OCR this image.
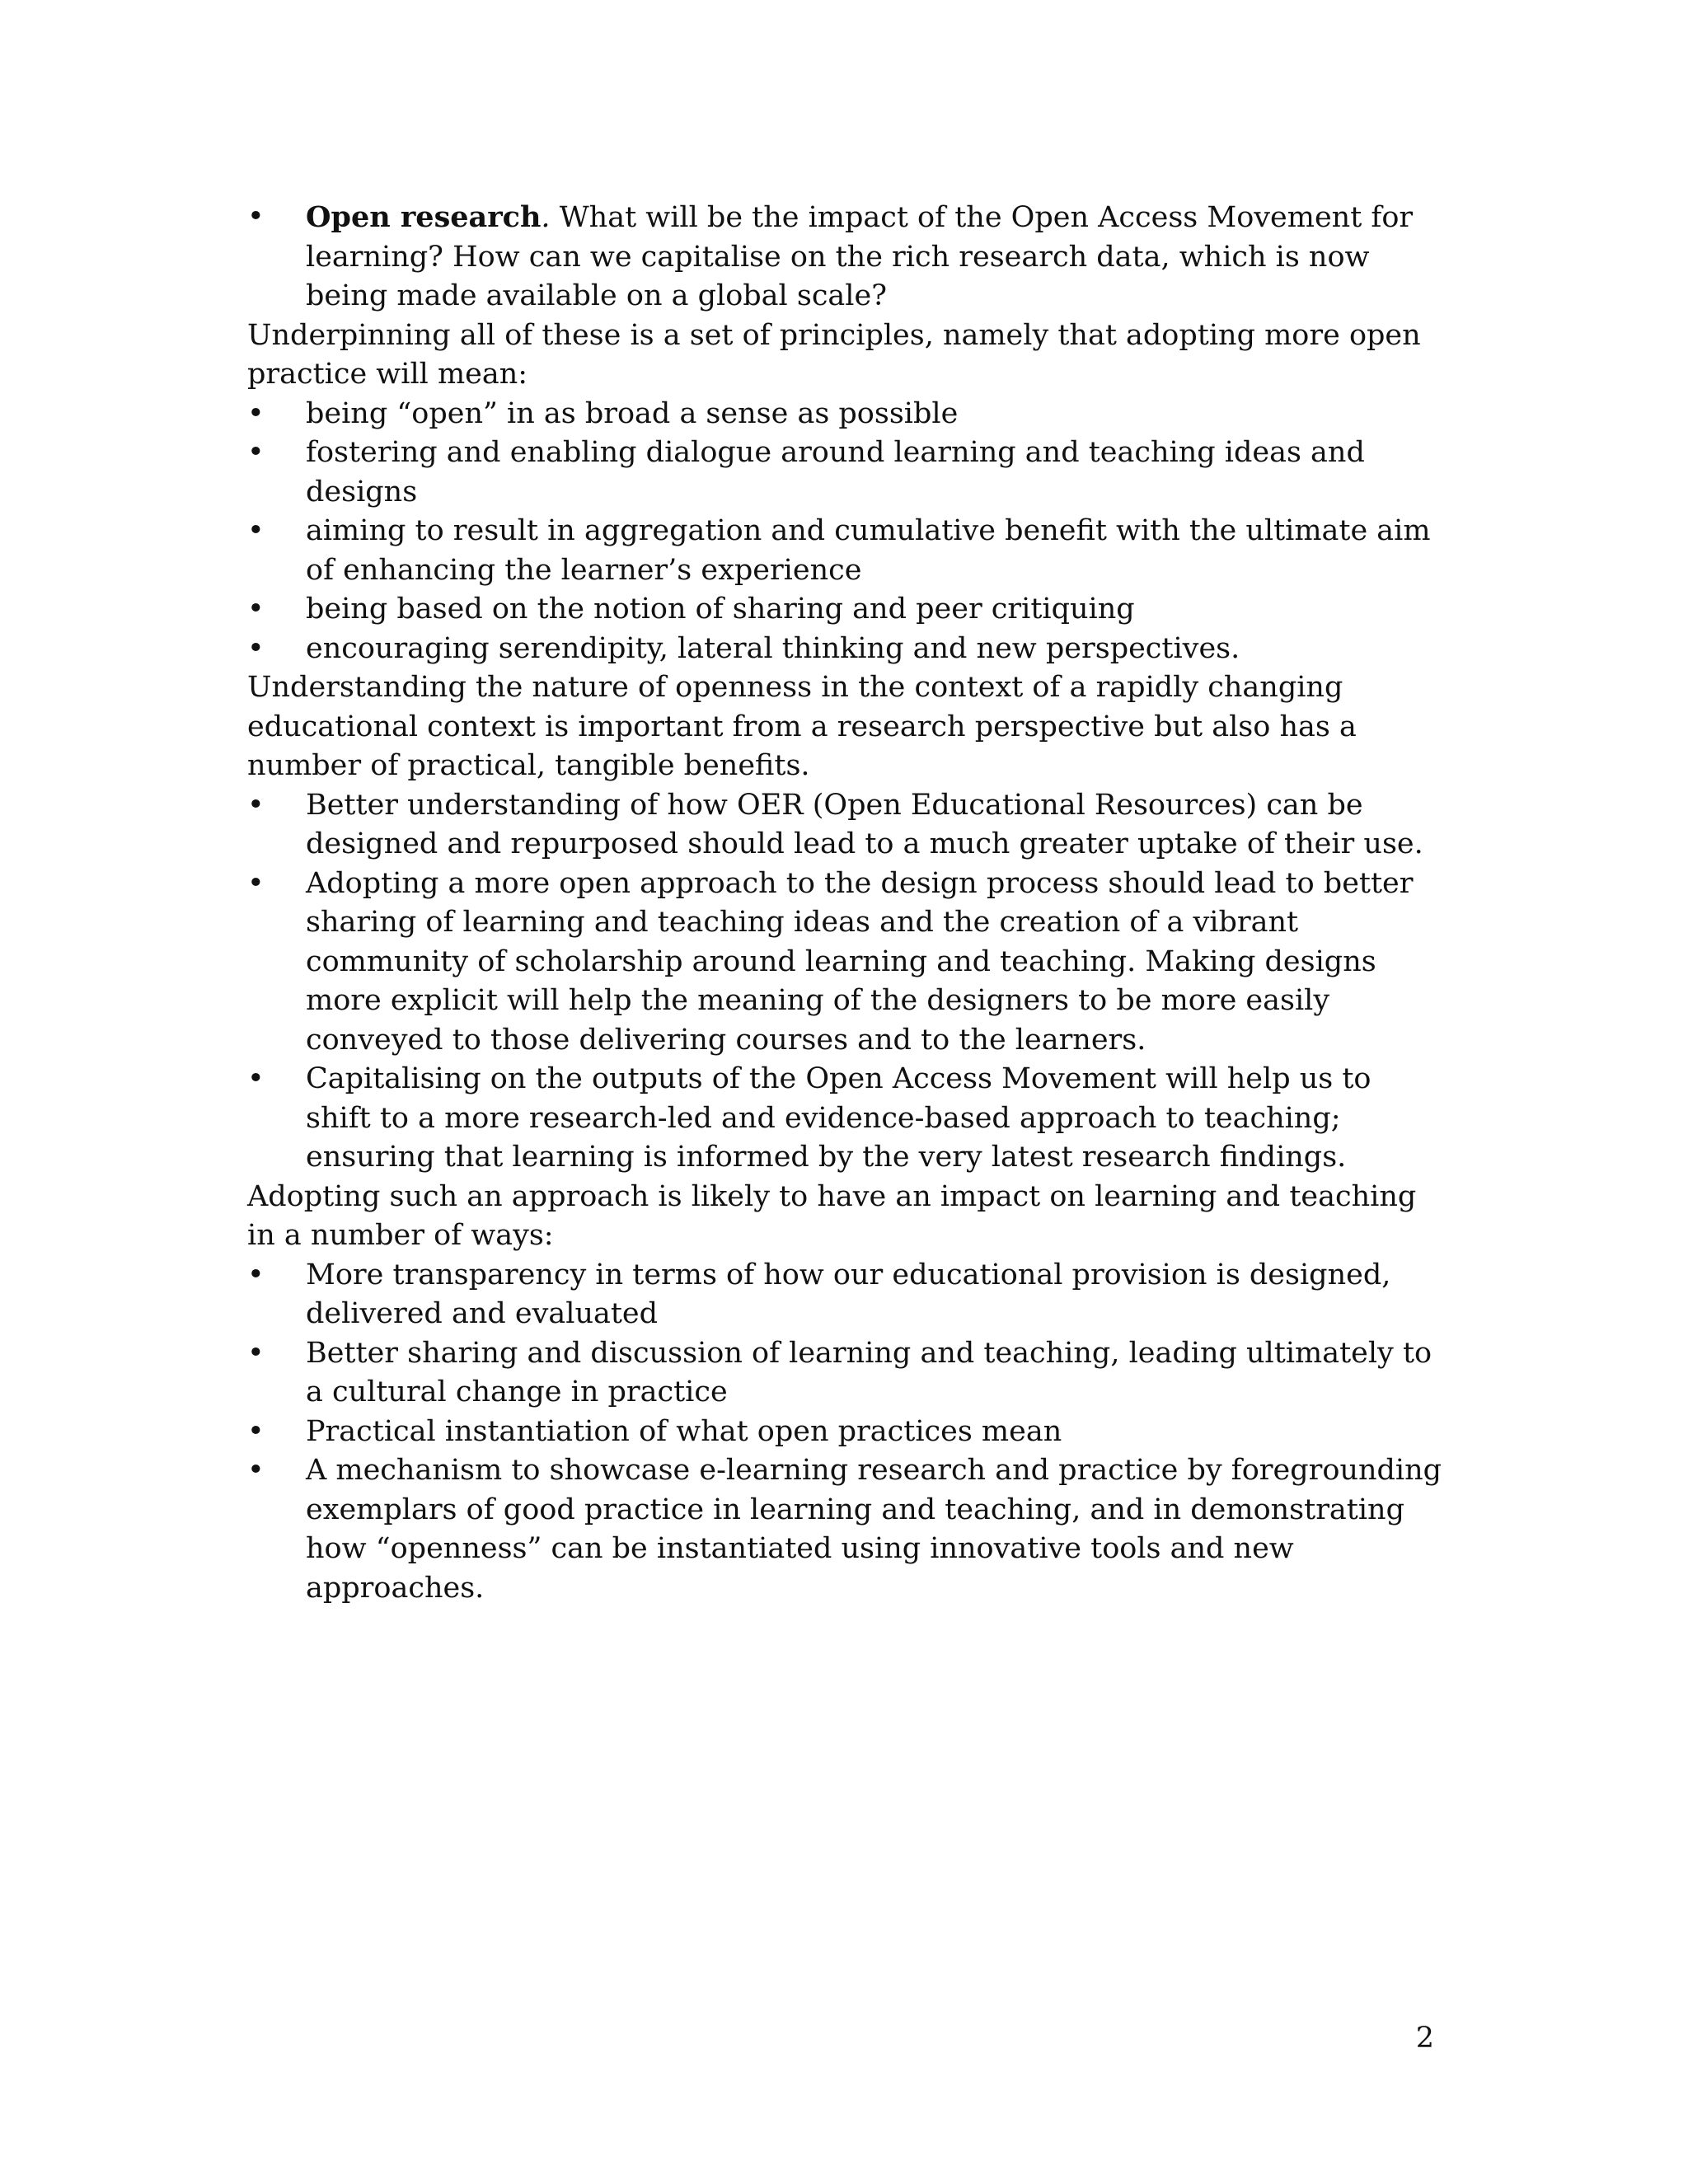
• Open research. What will be the impact of the Open Access Movement for learning? How can we capitalise on the rich research data, which is now being made available on a global scale?

Underpinning all of these is a set of principles, namely that adopting more open practice will mean:

• being “open” in as broad a sense as possible
• fostering and enabling dialogue around learning and teaching ideas and designs
• aiming to result in aggregation and cumulative benefit with the ultimate aim of enhancing the learner’s experience
• being based on the notion of sharing and peer critiquing
• encouraging serendipity, lateral thinking and new perspectives.

Understanding the nature of openness in the context of a rapidly changing educational context is important from a research perspective but also has a number of practical, tangible benefits.

• Better understanding of how OER (Open Educational Resources) can be designed and repurposed should lead to a much greater uptake of their use.
• Adopting a more open approach to the design process should lead to better sharing of learning and teaching ideas and the creation of a vibrant community of scholarship around learning and teaching. Making designs more explicit will help the meaning of the designers to be more easily conveyed to those delivering courses and to the learners.
• Capitalising on the outputs of the Open Access Movement will help us to shift to a more research-led and evidence-based approach to teaching; ensuring that learning is informed by the very latest research findings.

Adopting such an approach is likely to have an impact on learning and teaching in a number of ways:

• More transparency in terms of how our educational provision is designed, delivered and evaluated
• Better sharing and discussion of learning and teaching, leading ultimately to a cultural change in practice
• Practical instantiation of what open practices mean
• A mechanism to showcase e-learning research and practice by foregrounding exemplars of good practice in learning and teaching, and in demonstrating how “openness” can be instantiated using innovative tools and new approaches.
2
